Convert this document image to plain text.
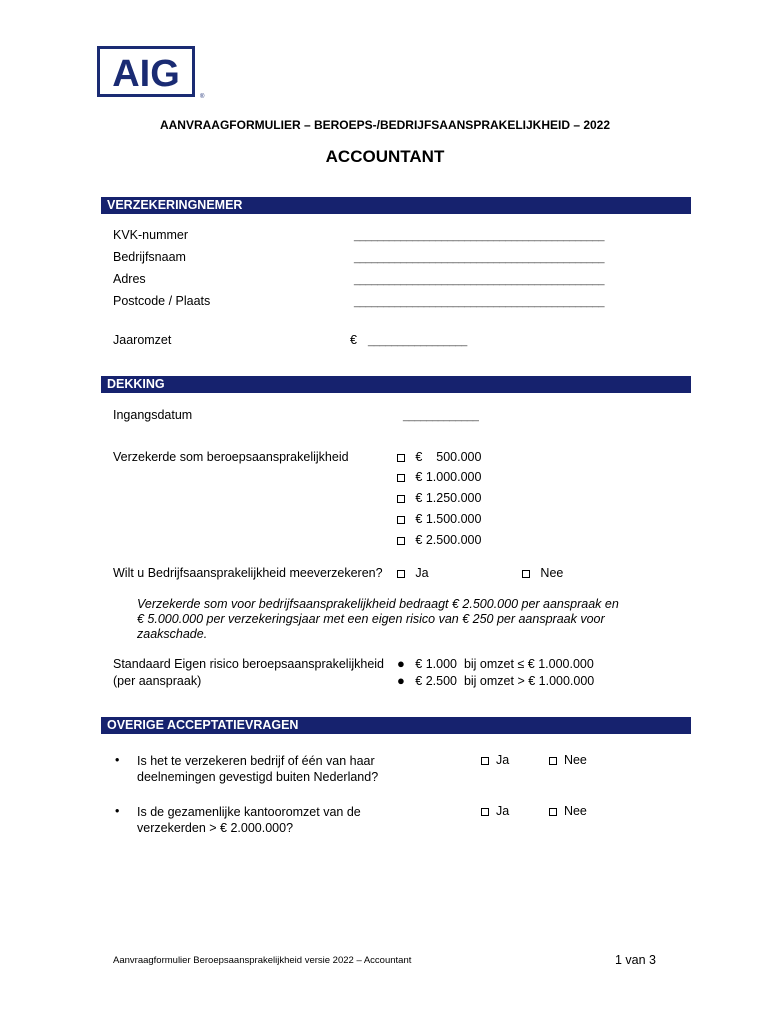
AIG
®
AANVRAAGFORMULIER – BEROEPS-/BEDRIJFSAANSPRAKELIJKHEID – 2022
ACCOUNTANT
VERZEKERINGNEMER
KVK-nummer	___________________________________________
Bedrijfsnaam	___________________________________________
Adres	___________________________________________
Postcode / Plaats	___________________________________________
Jaaromzet	€ _________________
DEKKING
Ingangsdatum	_____________
Verzekerde som beroepsaansprakelijkheid	€    500.000
€ 1.000.000
€ 1.250.000
€ 1.500.000
€ 2.500.000
Wilt u Bedrijfsaansprakelijkheid meeverzekeren?	Ja	Nee
Verzekerde som voor bedrijfsaansprakelijkheid bedraagt € 2.500.000 per aanspraak en
€ 5.000.000 per verzekeringsjaar met een eigen risico van € 250 per aanspraak voor
zaakschade.
Standaard Eigen risico beroepsaansprakelijkheid
(per aanspraak)
● € 1.000 bij omzet ≤ € 1.000.000
● € 2.500 bij omzet > € 1.000.000
OVERIGE ACCEPTATIEVRAGEN
• Is het te verzekeren bedrijf of één van haar
deelnemingen gevestigd buiten Nederland?
Ja	Nee
• Is de gezamenlijke kantooromzet van de
verzekerden > € 2.000.000?
Ja	Nee
Aanvraagformulier Beroepsaansprakelijkheid versie 2022 – Accountant	1 van 3
